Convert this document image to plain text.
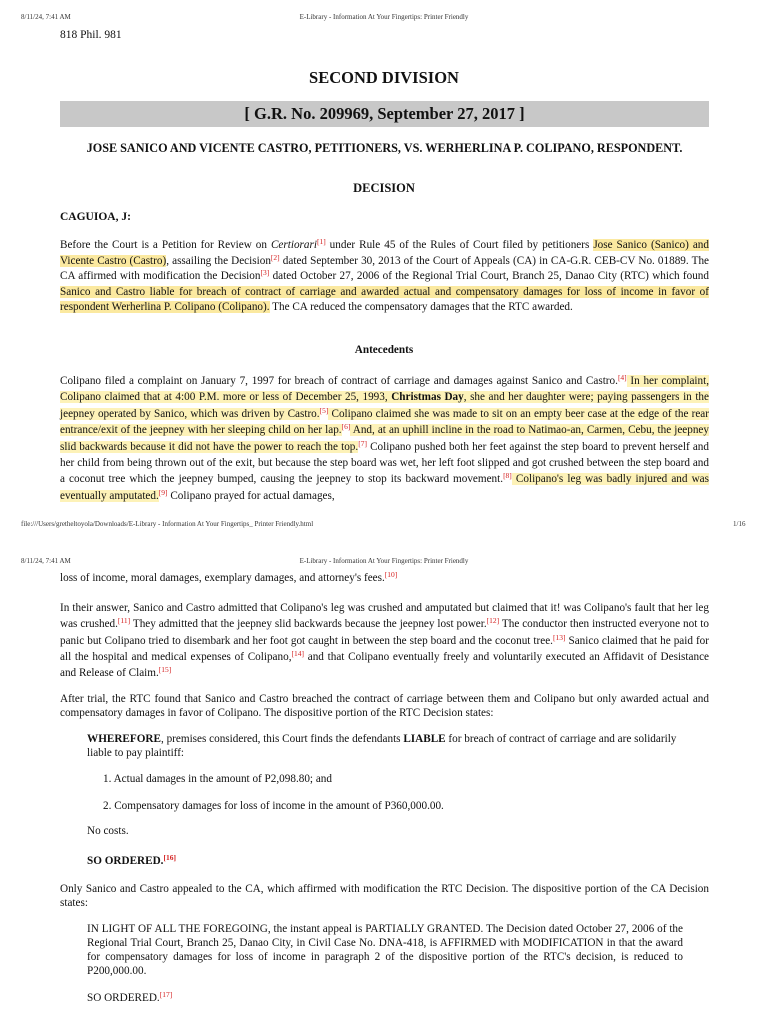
8/11/24, 7:41 AM	E-Library - Information At Your Fingertips: Printer Friendly
818 Phil. 981
SECOND DIVISION
[ G.R. No. 209969, September 27, 2017 ]
JOSE SANICO AND VICENTE CASTRO, PETITIONERS, VS. WERHERLINA P. COLIPANO, RESPONDENT.
DECISION
CAGUIOA, J:
Before the Court is a Petition for Review on Certiorari[1] under Rule 45 of the Rules of Court filed by petitioners Jose Sanico (Sanico) and Vicente Castro (Castro), assailing the Decision[2] dated September 30, 2013 of the Court of Appeals (CA) in CA-G.R. CEB-CV No. 01889. The CA affirmed with modification the Decision[3] dated October 27, 2006 of the Regional Trial Court, Branch 25, Danao City (RTC) which found Sanico and Castro liable for breach of contract of carriage and awarded actual and compensatory damages for loss of income in favor of respondent Werherlina P. Colipano (Colipano). The CA reduced the compensatory damages that the RTC awarded.
Antecedents
Colipano filed a complaint on January 7, 1997 for breach of contract of carriage and damages against Sanico and Castro.[4] In her complaint, Colipano claimed that at 4:00 P.M. more or less of December 25, 1993, Christmas Day, she and her daughter were; paying passengers in the jeepney operated by Sanico, which was driven by Castro.[5] Colipano claimed she was made to sit on an empty beer case at the edge of the rear entrance/exit of the jeepney with her sleeping child on her lap.[6] And, at an uphill incline in the road to Natimao-an, Carmen, Cebu, the jeepney slid backwards because it did not have the power to reach the top.[7] Colipano pushed both her feet against the step board to prevent herself and her child from being thrown out of the exit, but because the step board was wet, her left foot slipped and got crushed between the step board and a coconut tree which the jeepney bumped, causing the jeepney to stop its backward movement.[8] Colipano's leg was badly injured and was eventually amputated.[9] Colipano prayed for actual damages,
file:///Users/gretheltoyola/Downloads/E-Library - Information At Your Fingertips_ Printer Friendly.html	1/16
8/11/24, 7:41 AM	E-Library - Information At Your Fingertips: Printer Friendly
loss of income, moral damages, exemplary damages, and attorney's fees.[10]
In their answer, Sanico and Castro admitted that Colipano's leg was crushed and amputated but claimed that it! was Colipano's fault that her leg was crushed.[11] They admitted that the jeepney slid backwards because the jeepney lost power.[12] The conductor then instructed everyone not to panic but Colipano tried to disembark and her foot got caught in between the step board and the coconut tree.[13] Sanico claimed that he paid for all the hospital and medical expenses of Colipano,[14] and that Colipano eventually freely and voluntarily executed an Affidavit of Desistance and Release of Claim.[15]
After trial, the RTC found that Sanico and Castro breached the contract of carriage between them and Colipano but only awarded actual and compensatory damages in favor of Colipano. The dispositive portion of the RTC Decision states:
WHEREFORE, premises considered, this Court finds the defendants LIABLE for breach of contract of carriage and are solidarily liable to pay plaintiff:
1. Actual damages in the amount of P2,098.80; and
2. Compensatory damages for loss of income in the amount of P360,000.00.
No costs.
SO ORDERED.[16]
Only Sanico and Castro appealed to the CA, which affirmed with modification the RTC Decision. The dispositive portion of the CA Decision states:
IN LIGHT OF ALL THE FOREGOING, the instant appeal is PARTIALLY GRANTED. The Decision dated October 27, 2006 of the Regional Trial Court, Branch 25, Danao City, in Civil Case No. DNA-418, is AFFIRMED with MODIFICATION in that the award for compensatory damages for loss of income in paragraph 2 of the dispositive portion of the RTC's decision, is reduced to P200,000.00.
SO ORDERED.[17]
